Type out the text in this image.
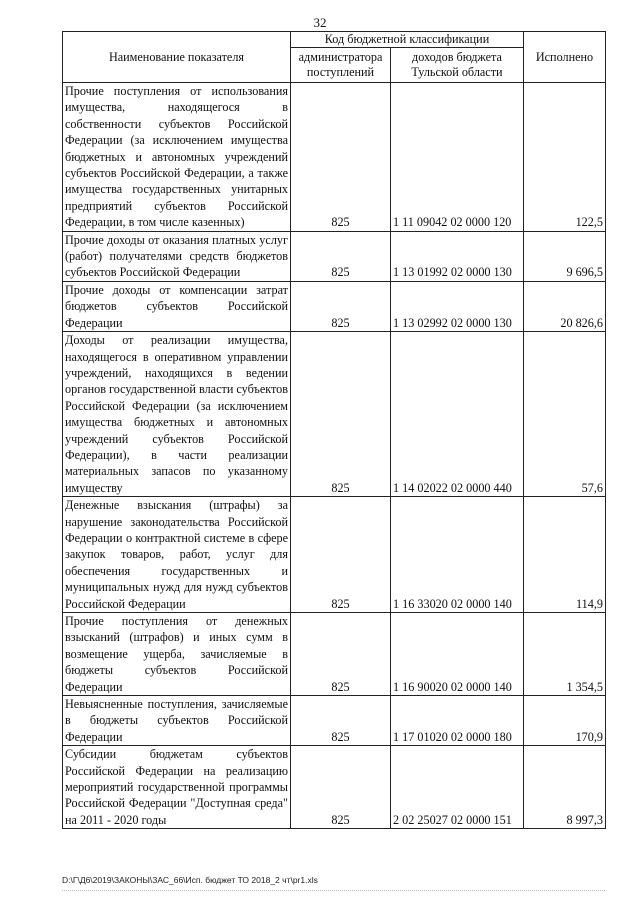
32
Наименование показателя	Код бюджетной классификации		Исполнено
	администратора поступлений	доходов бюджета Тульской области	
Прочие поступления от использования имущества, находящегося в собственности субъектов Российской Федерации (за исключением имущества бюджетных и автономных учреждений субъектов Российской Федерации, а также имущества государственных унитарных предприятий субъектов Российской Федерации, в том числе казенных)	825	1 11 09042 02 0000 120	122,5
Прочие доходы от оказания платных услуг (работ) получателями средств бюджетов субъектов Российской Федерации	825	1 13 01992 02 0000 130	9 696,5
Прочие доходы от компенсации затрат бюджетов субъектов Российской Федерации	825	1 13 02992 02 0000 130	20 826,6
Доходы от реализации имущества, находящегося в оперативном управлении учреждений, находящихся в ведении органов государственной власти субъектов Российской Федерации (за исключением имущества бюджетных и автономных учреждений субъектов Российской Федерации), в части реализации материальных запасов по указанному имуществу	825	1 14 02022 02 0000 440	57,6
Денежные взыскания (штрафы) за нарушение законодательства Российской Федерации о контрактной системе в сфере закупок товаров, работ, услуг для обеспечения государственных и муниципальных нужд для нужд субъектов Российской Федерации	825	1 16 33020 02 0000 140	114,9
Прочие поступления от денежных взысканий (штрафов) и иных сумм в возмещение ущерба, зачисляемые в бюджеты субъектов Российской Федерации	825	1 16 90020 02 0000 140	1 354,5
Невыясненные поступления, зачисляемые в бюджеты субъектов Российской Федерации	825	1 17 01020 02 0000 180	170,9
Субсидии бюджетам субъектов Российской Федерации на реализацию мероприятий государственной программы Российской Федерации "Доступная среда" на 2011 - 2020 годы	825	2 02 25027 02 0000 151	8 997,3
D:\Г\Д6\2019\ЗАКОНЫ\ЗАС_66\Исп. бюджет ТО 2018_2 чт\pr1.xls
